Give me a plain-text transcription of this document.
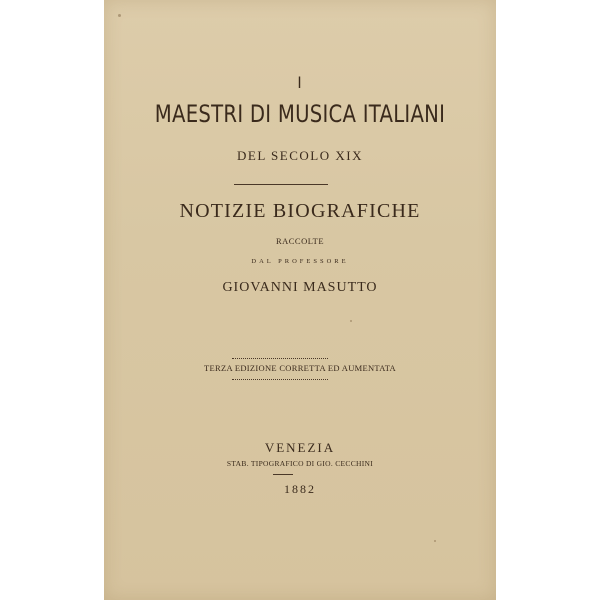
I
MAESTRI DI MUSICA ITALIANI
DEL SECOLO XIX
NOTIZIE BIOGRAFICHE
RACCOLTE
DAL PROFESSORE
GIOVANNI MASUTTO
TERZA EDIZIONE CORRETTA ED AUMENTATA
VENEZIA
STAB. TIPOGRAFICO DI GIO. CECCHINI
1882
